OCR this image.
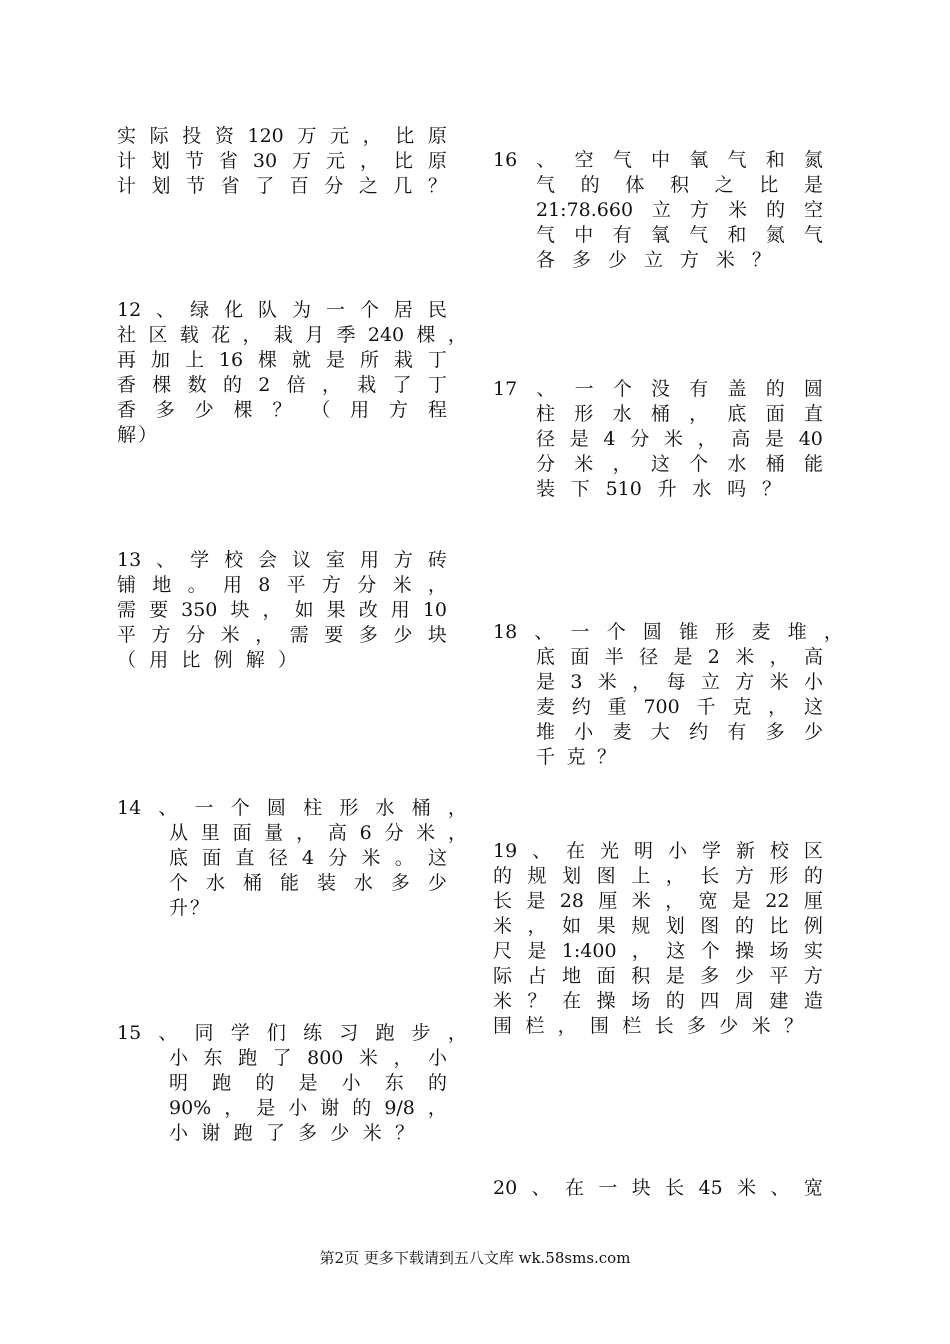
实 际 投 资 120 万 元 ， 比 原
计 划 节 省 30 万 元 ， 比 原
计 划 节 省 了 百 分 之 几 ？
12 、 绿 化 队 为 一 个 居 民
社 区 载 花 ， 栽 月 季 240 棵 ，
再 加 上 16 棵 就 是 所 栽 丁
香 棵 数 的 2 倍 ， 栽 了 丁
香 多 少 棵 ？ （ 用 方 程
解 ）
13 、 学 校 会 议 室 用 方 砖
铺 地 。 用 8 平 方 分 米 ，
需 要 350 块 ， 如 果 改 用 10
平 方 分 米 ， 需 要 多 少 块
（ 用 比 例 解 ）
14 、 一 个 圆 柱 形 水 桶 ，
从 里 面 量 ， 高 6 分 米 ，
底 面 直 径 4 分 米 。 这
个 水 桶 能 装 水 多 少
升 ？
15 、 同 学 们 练 习 跑 步 ，
小 东 跑 了 800 米 ， 小
明 跑 的 是 小 东 的
90% ， 是 小 谢 的 9/8 ，
小 谢 跑 了 多 少 米 ？
16 、 空 气 中 氧 气 和 氮
气 的 体 积 之 比 是
21:78.660 立 方 米 的 空
气 中 有 氧 气 和 氮 气
各 多 少 立 方 米 ？
17 、 一 个 没 有 盖 的 圆
柱 形 水 桶 ， 底 面 直
径 是 4 分 米 ， 高 是 40
分 米 ， 这 个 水 桶 能
装 下 510 升 水 吗 ？
18 、 一 个 圆 锥 形 麦 堆 ，
底 面 半 径 是 2 米 ， 高
是 3 米 ， 每 立 方 米 小
麦 约 重 700 千 克 ， 这
堆 小 麦 大 约 有 多 少
千 克 ？
19 、 在 光 明 小 学 新 校 区
的 规 划 图 上 ， 长 方 形 的
长 是 28 厘 米 ， 宽 是 22 厘
米 ， 如 果 规 划 图 的 比 例
尺 是 1:400 ， 这 个 操 场 实
际 占 地 面 积 是 多 少 平 方
米 ？ 在 操 场 的 四 周 建 造
围 栏 ， 围 栏 长 多 少 米 ？
20 、 在 一 块 长 45 米 、 宽
第2页 更多下载请到五八文库 wk.58sms.com
